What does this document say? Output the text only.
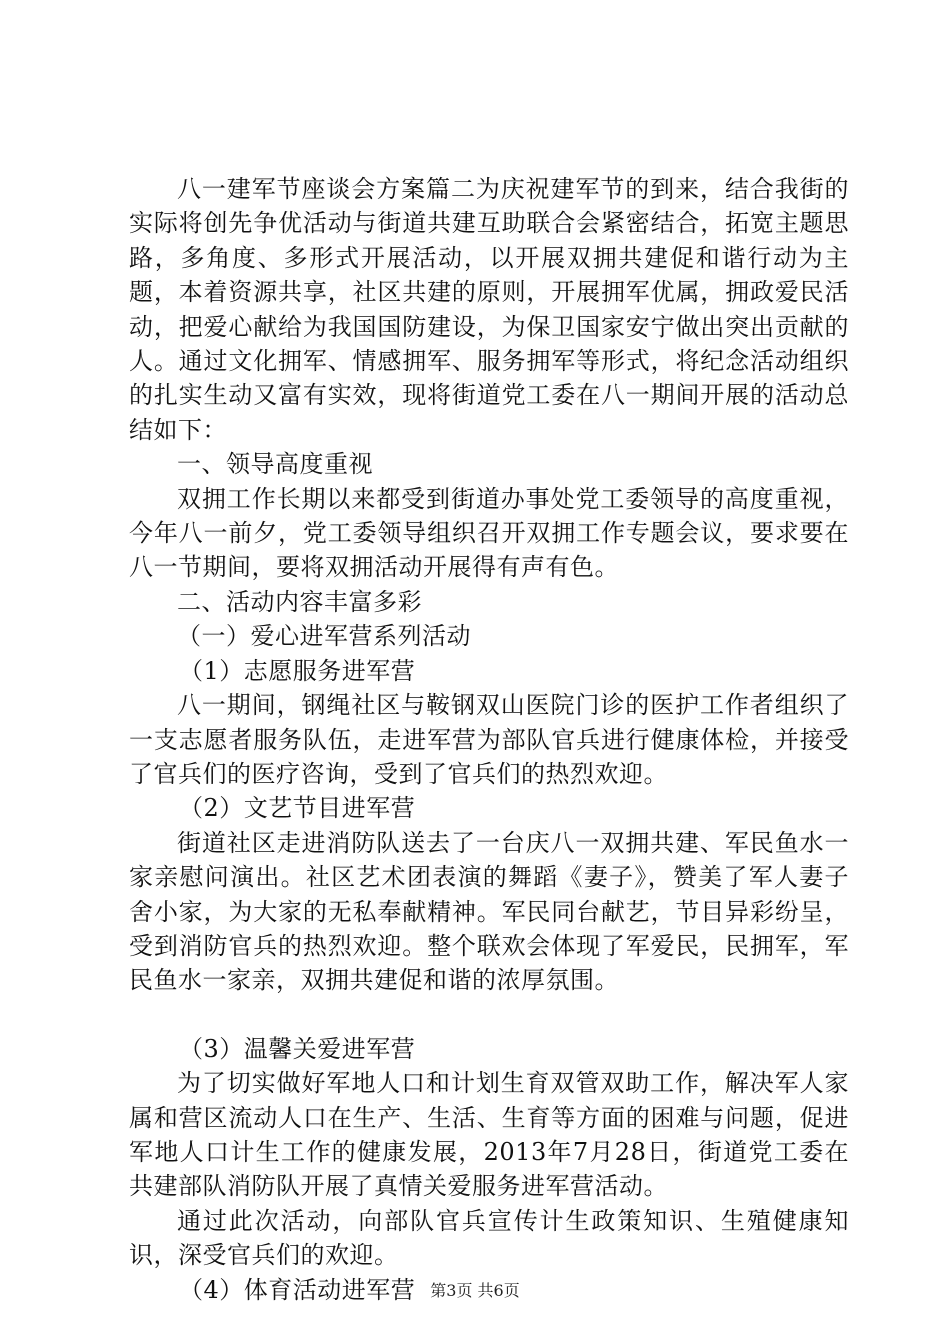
八一建军节座谈会方案篇二为庆祝建军节的到来，结合我街的实际将创先争优活动与街道共建互助联合会紧密结合，拓宽主题思路，多角度、多形式开展活动，以开展双拥共建促和谐行动为主题，本着资源共享，社区共建的原则，开展拥军优属，拥政爱民活动，把爱心献给为我国国防建设，为保卫国家安宁做出突出贡献的人。通过文化拥军、情感拥军、服务拥军等形式，将纪念活动组织的扎实生动又富有实效，现将街道党工委在八一期间开展的活动总结如下：

一、领导高度重视

双拥工作长期以来都受到街道办事处党工委领导的高度重视，今年八一前夕，党工委领导组织召开双拥工作专题会议，要求要在八一节期间，要将双拥活动开展得有声有色。

二、活动内容丰富多彩

（一）爱心进军营系列活动

（1）志愿服务进军营

八一期间，钢绳社区与鞍钢双山医院门诊的医护工作者组织了一支志愿者服务队伍，走进军营为部队官兵进行健康体检，并接受了官兵们的医疗咨询，受到了官兵们的热烈欢迎。

（2）文艺节目进军营

街道社区走进消防队送去了一台庆八一双拥共建、军民鱼水一家亲慰问演出。社区艺术团表演的舞蹈《妻子》，赞美了军人妻子舍小家，为大家的无私奉献精神。军民同台献艺，节目异彩纷呈，受到消防官兵的热烈欢迎。整个联欢会体现了军爱民，民拥军，军民鱼水一家亲，双拥共建促和谐的浓厚氛围。

（3）温馨关爱进军营

为了切实做好军地人口和计划生育双管双助工作，解决军人家属和营区流动人口在生产、生活、生育等方面的困难与问题，促进军地人口计生工作的健康发展，2013年7月28日，街道党工委在共建部队消防队开展了真情关爱服务进军营活动。

通过此次活动，向部队官兵宣传计生政策知识、生殖健康知识，深受官兵们的欢迎。

（4）体育活动进军营 第3页 共6页
